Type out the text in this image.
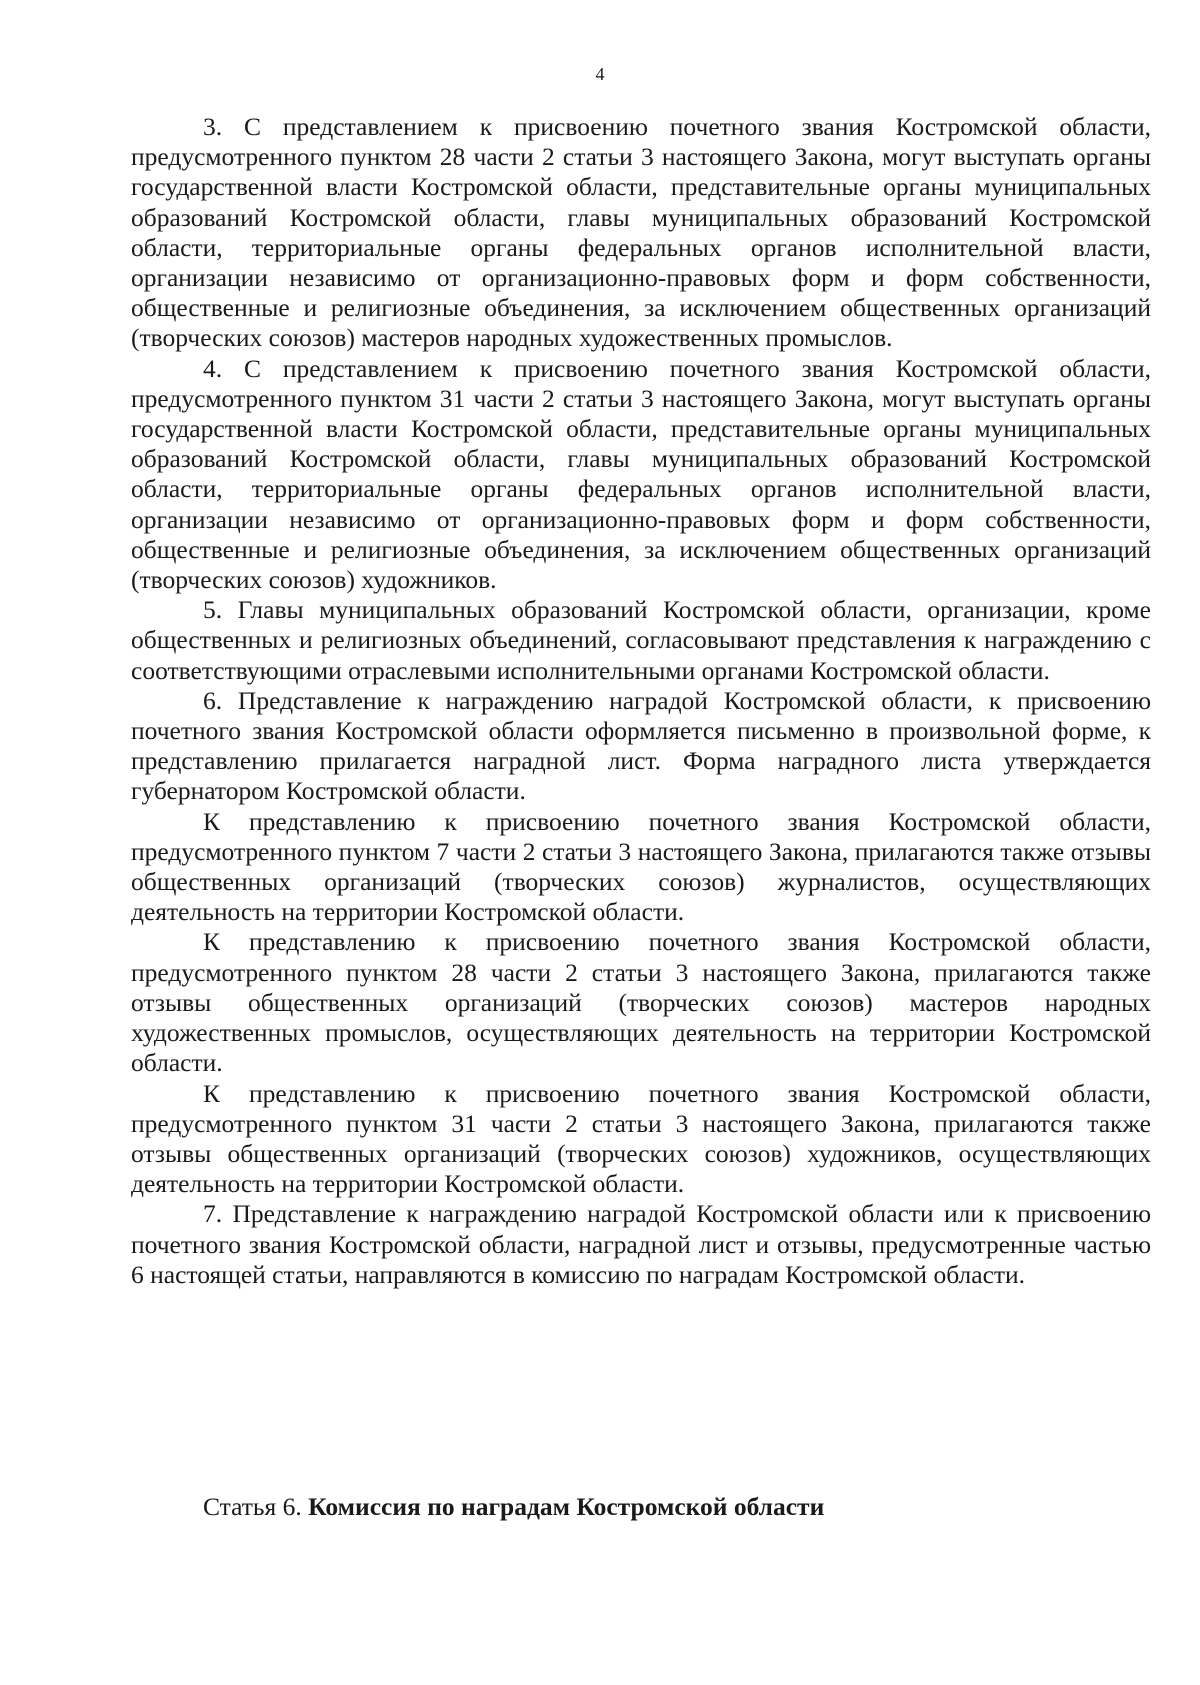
4

3. С представлением к присвоению почетного звания Костромской области, предусмотренного пунктом 28 части 2 статьи 3 настоящего Закона, могут выступать органы государственной власти Костромской области, представительные органы муниципальных образований Костромской области, главы муниципальных образований Костромской области, территориальные органы федеральных органов исполнительной власти, организации независимо от организационно-правовых форм и форм собственности, общественные и религиозные объединения, за исключением общественных организаций (творческих союзов) мастеров народных художественных промыслов.

4. С представлением к присвоению почетного звания Костромской области, предусмотренного пунктом 31 части 2 статьи 3 настоящего Закона, могут выступать органы государственной власти Костромской области, представительные органы муниципальных образований Костромской области, главы муниципальных образований Костромской области, территориальные органы федеральных органов исполнительной власти, организации независимо от организационно-правовых форм и форм собственности, общественные и религиозные объединения, за исключением общественных организаций (творческих союзов) художников.

5. Главы муниципальных образований Костромской области, организации, кроме общественных и религиозных объединений, согласовывают представления к награждению с соответствующими отраслевыми исполнительными органами Костромской области.

6. Представление к награждению наградой Костромской области, к присвоению почетного звания Костромской области оформляется письменно в произвольной форме, к представлению прилагается наградной лист. Форма наградного листа утверждается губернатором Костромской области.

К представлению к присвоению почетного звания Костромской области, предусмотренного пунктом 7 части 2 статьи 3 настоящего Закона, прилагаются также отзывы общественных организаций (творческих союзов) журналистов, осуществляющих деятельность на территории Костромской области.

К представлению к присвоению почетного звания Костромской области, предусмотренного пунктом 28 части 2 статьи 3 настоящего Закона, прилагаются также отзывы общественных организаций (творческих союзов) мастеров народных художественных промыслов, осуществляющих деятельность на территории Костромской области.

К представлению к присвоению почетного звания Костромской области, предусмотренного пунктом 31 части 2 статьи 3 настоящего Закона, прилагаются также отзывы общественных организаций (творческих союзов) художников, осуществляющих деятельность на территории Костромской области.

7. Представление к награждению наградой Костромской области или к присвоению почетного звания Костромской области, наградной лист и отзывы, предусмотренные частью 6 настоящей статьи, направляются в комиссию по наградам Костромской области.

Статья 6. Комиссия по наградам Костромской области
